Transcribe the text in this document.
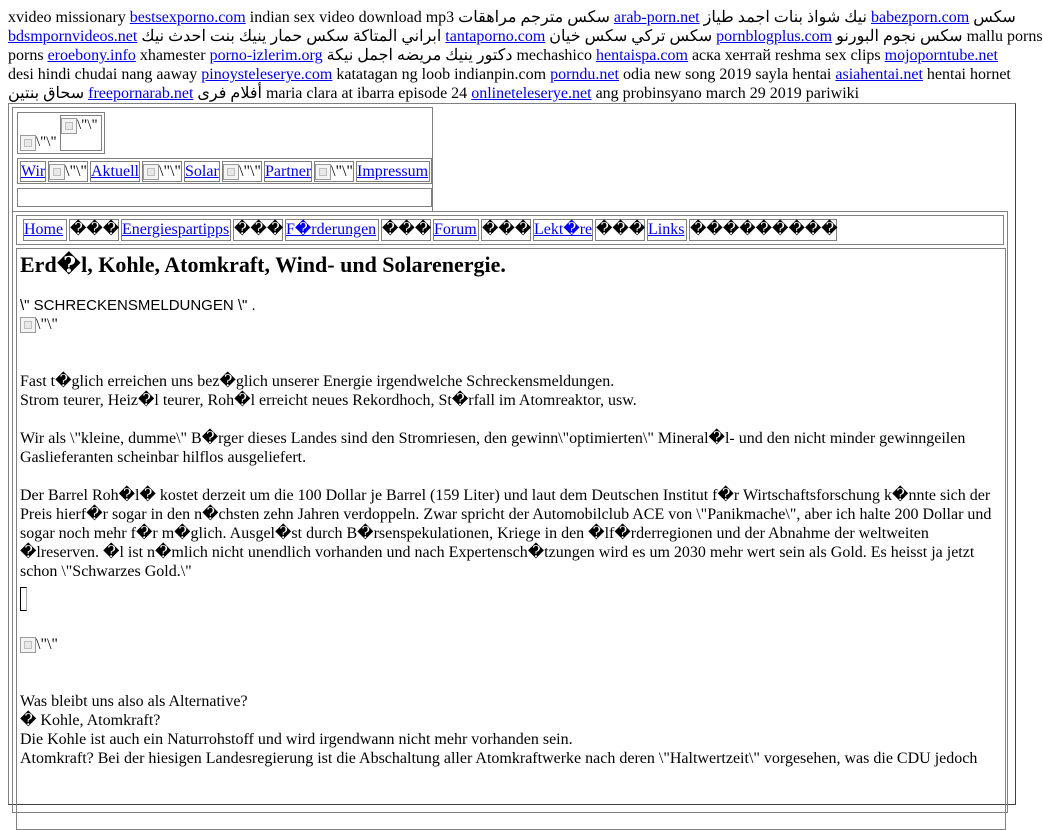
xvideo missionary bestsexporno.com indian sex video download mp3 سكس مترجم مراهقات arab-porn.net نيك شواذ بنات اجمد طياز babezporn.com سكس

bdsmpornvideos.net ابراني المتاكة سكس حمار ينيك بنت احدث نيك tantaporno.com سكس تركي سكس خيان pornblogplus.com سكس نجوم البورنو mallu porns

porns eroebony.info xhamester porno-izlerim.org دكتور ينيك مريضه اجمل نيكة mechashico hentaispa.com аска хентай reshma sex clips mojoporntube.net

desi hindi chudai nang aaway pinoysteleserye.com katatagan ng loob indianpin.com porndu.net odia new song 2019 sayla hentai asiahentai.net hentai hornet

سحاق بنتين freepornarab.net أفلام فرى maria clara at ibarra episode 24 onlineteleserye.net ang probinsyano march 29 2019 pariwiki

\"\"
\"\"
Wir	\"\" Aktuell	\"\" Solar	\"\" Partner	\"\" Impressum
Home ��� Energiespartipps ��� F�rderungen ��� Forum ��� Lekt�re ��� Links ���������
Erd�l, Kohle, Atomkraft, Wind- und Solarenergie.

\" SCHRECKENSMELDUNGEN \" .

\"\"

Fast t�glich erreichen uns bez�glich unserer Energie irgendwelche Schreckensmeldungen.

Strom teurer, Heiz�l teurer, Roh�l erreicht neues Rekordhoch, St�rfall im Atomreaktor, usw.

Wir als \"kleine, dumme\" B�rger dieses Landes sind den Stromriesen, den gewinn\"optimierten\" Mineral�l- und den nicht minder gewinngeilen Gaslieferanten scheinbar hilflos ausgeliefert.

Der Barrel Roh�l� kostet derzeit um die 100 Dollar je Barrel (159 Liter) und laut dem Deutschen Institut f�r Wirtschaftsforschung k�nnte sich der Preis hierf�r sogar in den n�chsten zehn Jahren verdoppeln. Zwar spricht der Automobilclub ACE von \"Panikmache\", aber ich halte 200 Dollar und sogar noch mehr f�r m�glich. Ausgel�st durch B�rsenspekulationen, Kriege in den �lf�rderregionen und der Abnahme der weltweiten �lreserven. �l ist n�mlich nicht unendlich vorhanden und nach Expertensch�tzungen wird es um 2030 mehr wert sein als Gold. Es heisst ja jetzt schon \"Schwarzes Gold.\"

\"\"

Was bleibt uns also als Alternative?

� Kohle, Atomkraft?

Die Kohle ist auch ein Naturrohstoff und wird irgendwann nicht mehr vorhanden sein.

Atomkraft? Bei der hiesigen Landesregierung ist die Abschaltung aller Atomkraftwerke nach deren \"Haltwertzeit\" vorgesehen, was die CDU jedoch
